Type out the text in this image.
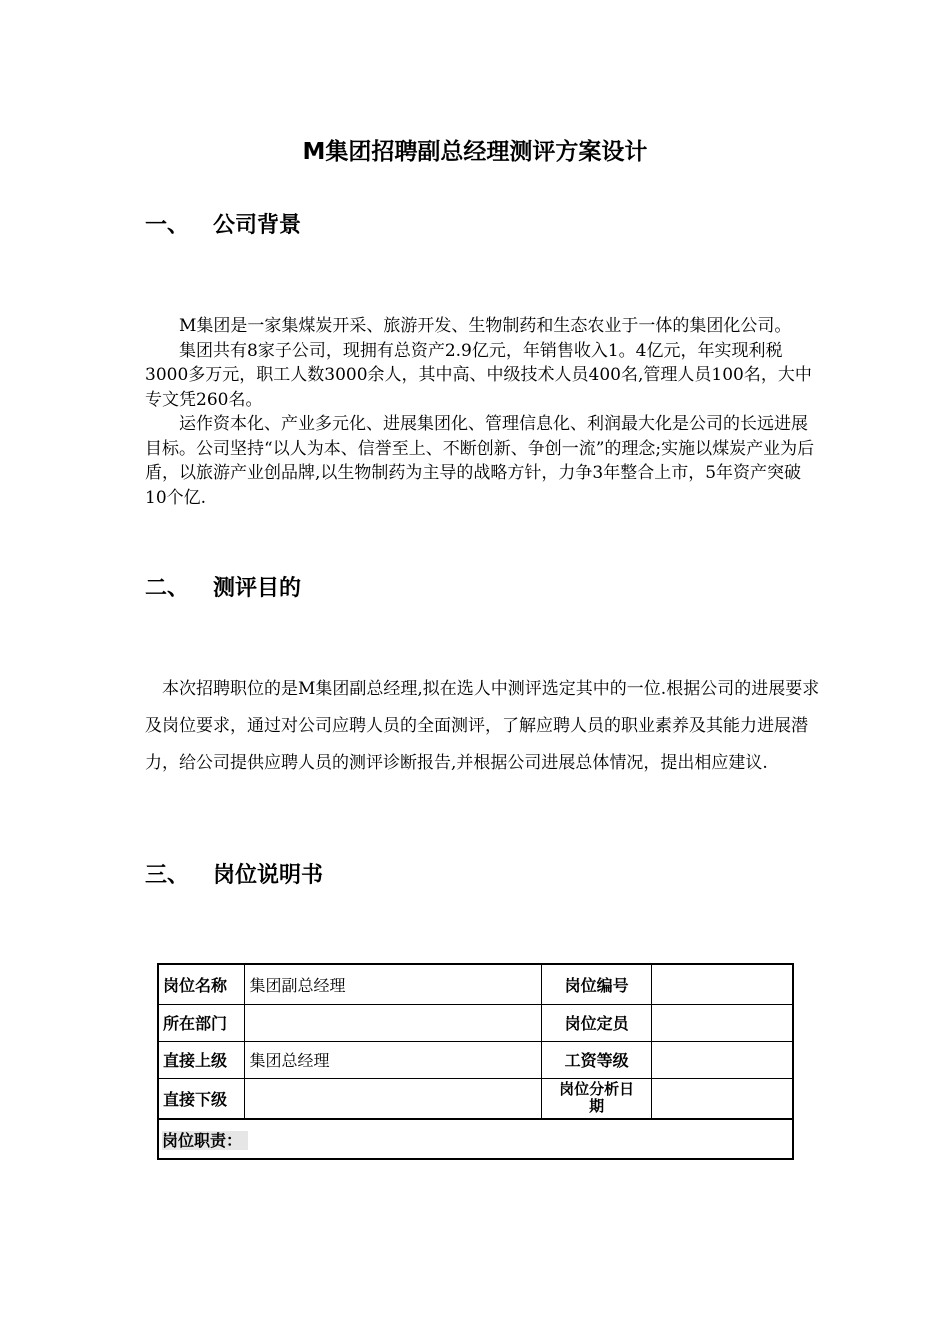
M集团招聘副总经理测评方案设计
一、 公司背景

M集团是一家集煤炭开采、旅游开发、生物制药和生态农业于一体的集团化公司。

集团共有8家子公司，现拥有总资产2.9亿元，年销售收入1。4亿元，年实现利税3000多万元，职工人数3000余人，其中高、中级技术人员400名,管理人员100名，大中专文凭260名。

运作资本化、产业多元化、进展集团化、管理信息化、利润最大化是公司的长远进展目标。公司坚持“以人为本、信誉至上、不断创新、争创一流”的理念;实施以煤炭产业为后盾，以旅游产业创品牌,以生物制药为主导的战略方针，力争3年整合上市，5年资产突破10个亿.

二、 测评目的

本次招聘职位的是M集团副总经理,拟在选人中测评选定其中的一位.根据公司的进展要求及岗位要求，通过对公司应聘人员的全面测评，了解应聘人员的职业素养及其能力进展潜力，给公司提供应聘人员的测评诊断报告,并根据公司进展总体情况，提出相应建议.

三、 岗位说明书
岗位名称	集团副总经理	岗位编号	
所在部门		岗位定员	
直接上级	集团总经理	工资等级	
直接下级		岗位分析日期	
岗位职责：			
